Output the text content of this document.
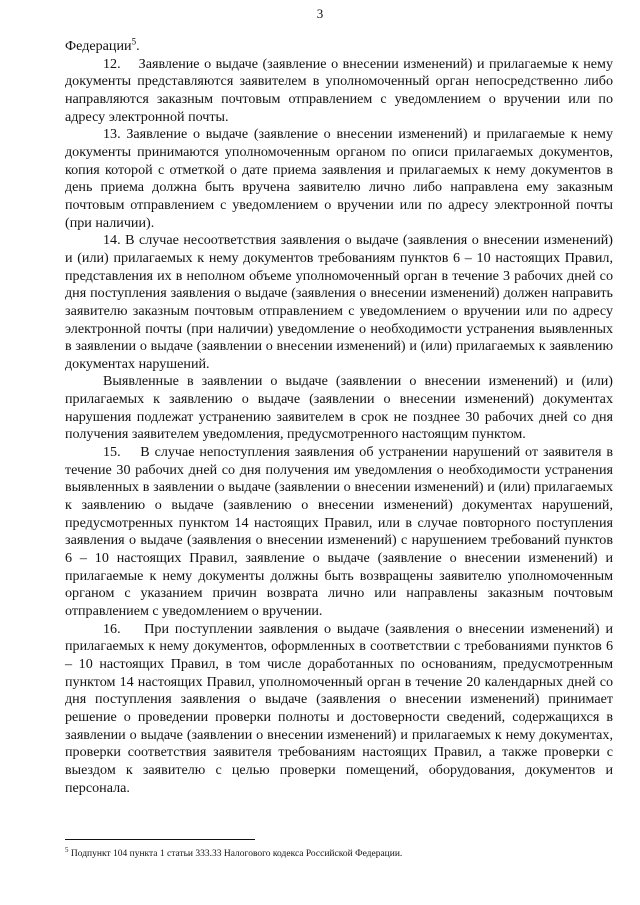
3

Федерации$^5$.

12.    Заявление о выдаче (заявление о внесении изменений) и прилагаемые к нему документы представляются заявителем в уполномоченный орган непосредственно либо направляются заказным почтовым отправлением с уведомлением о вручении или по адресу электронной почты.

13. Заявление о выдаче (заявление о внесении изменений) и прилагаемые к нему документы принимаются уполномоченным органом по описи прилагаемых документов, копия которой с отметкой о дате приема заявления и прилагаемых к нему документов в день приема должна быть вручена заявителю лично либо направлена ему заказным почтовым отправлением с уведомлением о вручении или по адресу электронной почты (при наличии).

14. В случае несоответствия заявления о выдаче (заявления о внесении изменений) и (или) прилагаемых к нему документов требованиям пунктов 6 – 10 настоящих Правил, представления их в неполном объеме уполномоченный орган в течение 3 рабочих дней со дня поступления заявления о выдаче (заявления о внесении изменений) должен направить заявителю заказным почтовым отправлением с уведомлением о вручении или по адресу электронной почты (при наличии) уведомление о необходимости устранения выявленных в заявлении о выдаче (заявлении о внесении изменений) и (или) прилагаемых к заявлению документах нарушений.

Выявленные в заявлении о выдаче (заявлении о внесении изменений) и (или) прилагаемых к заявлению о выдаче (заявлении о внесении изменений) документах нарушения подлежат устранению заявителем в срок не позднее 30 рабочих дней со дня получения заявителем уведомления, предусмотренного настоящим пунктом.

15.    В случае непоступления заявления об устранении нарушений от заявителя в течение 30 рабочих дней со дня получения им уведомления о необходимости устранения выявленных в заявлении о выдаче (заявлении о внесении изменений) и (или) прилагаемых к заявлению о выдаче (заявлению о внесении изменений) документах нарушений, предусмотренных пунктом 14 настоящих Правил, или в случае повторного поступления заявления о выдаче (заявления о внесении изменений) с нарушением требований пунктов 6 – 10 настоящих Правил, заявление о выдаче (заявление о внесении изменений) и прилагаемые к нему документы должны быть возвращены заявителю уполномоченным органом с указанием причин возврата лично или направлены заказным почтовым отправлением с уведомлением о вручении.

16.    При поступлении заявления о выдаче (заявления о внесении изменений) и прилагаемых к нему документов, оформленных в соответствии с требованиями пунктов 6 – 10 настоящих Правил, в том числе доработанных по основаниям, предусмотренным пунктом 14 настоящих Правил, уполномоченный орган в течение 20 календарных дней со дня поступления заявления о выдаче (заявления о внесении изменений) принимает решение о проведении проверки полноты и достоверности сведений, содержащихся в заявлении о выдаче (заявлении о внесении изменений) и прилагаемых к нему документах, проверки соответствия заявителя требованиям настоящих Правил, а также проверки с выездом к заявителю с целью проверки помещений, оборудования, документов и персонала.

$^5$ Подпункт 104 пункта 1 статьи 333.33 Налогового кодекса Российской Федерации.
